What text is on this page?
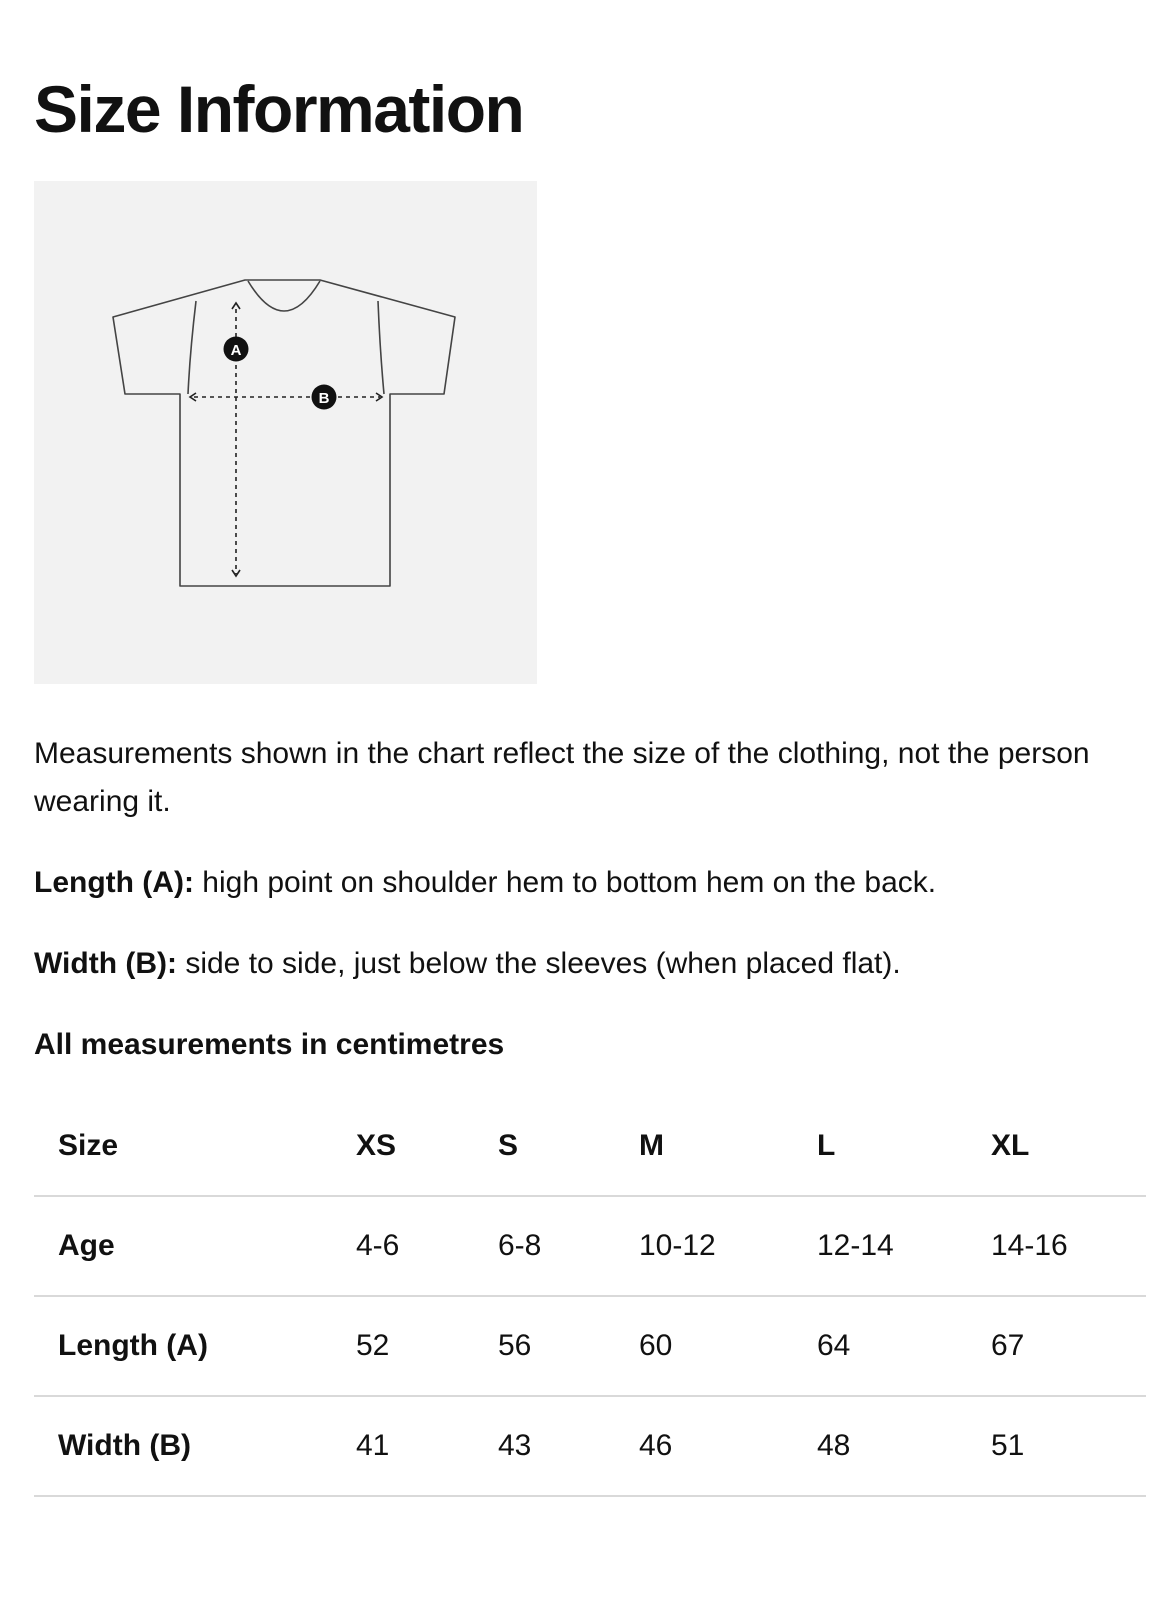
Size Information
A
B

Measurements shown in the chart reflect the size of the clothing, not the person wearing it.

Length (A): high point on shoulder hem to bottom hem on the back.

Width (B): side to side, just below the sleeves (when placed flat).

All measurements in centimetres

Size	XS	S	M	L	XL
Age	4-6	6-8	10-12	12-14	14-16
Length (A)	52	56	60	64	67
Width (B)	41	43	46	48	51
